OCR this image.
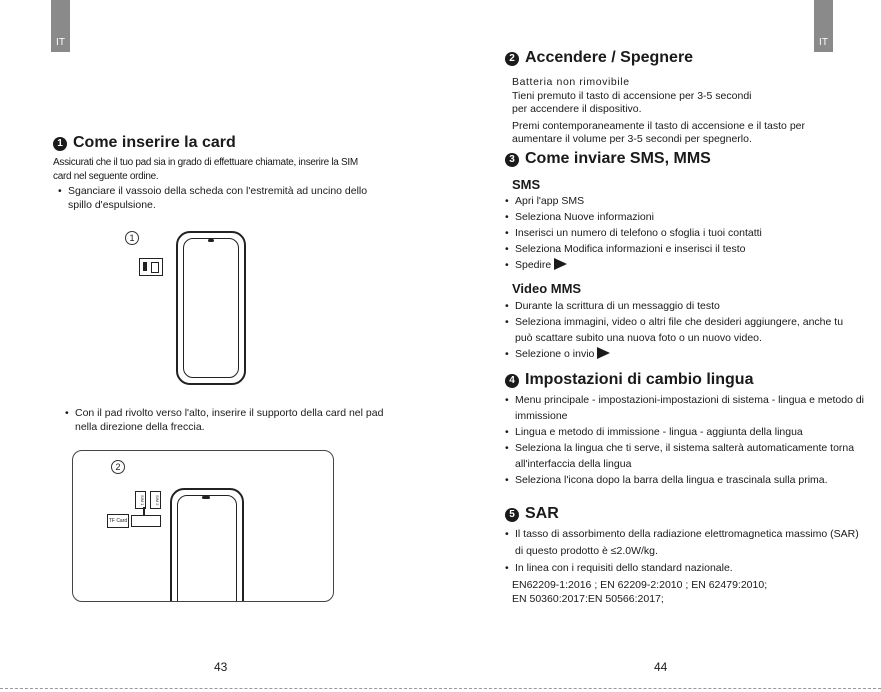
IT
1 Come inserire la card
Assicurati che il tuo pad sia in grado di effettuare chiamate, inserire la SIM card nel seguente ordine.
• Sganciare il vassoio della scheda con l'estremità ad uncino dello spillo d'espulsione.
1
• Con il pad rivolto verso l'alto, inserire il supporto della card nel pad nella direzione della freccia.
2
TF Card
SIM 1	SIM 2
43
IT
2 Accendere / Spegnere
Batteria non rimovibile
Tieni premuto il tasto di accensione per 3-5 secondi
per accendere il dispositivo.
Premi contemporaneamente il tasto di accensione e il tasto per
aumentare il volume per 3-5 secondi per spegnerlo.
3 Come inviare SMS, MMS
SMS
• Apri l'app SMS
• Seleziona Nuove informazioni
• Inserisci un numero di telefono o sfoglia i tuoi contatti
• Seleziona Modifica informazioni e inserisci il testo
• Spedire
Video MMS
• Durante la scrittura di un messaggio di testo
• Seleziona immagini, video o altri file che desideri aggiungere, anche tu può scattare subito una nuova foto o un nuovo video.
• Selezione o invio
4 Impostazioni di cambio lingua
• Menu principale - impostazioni-impostazioni di sistema - lingua e metodo di immissione
• Lingua e metodo di immissione - lingua - aggiunta della lingua
• Seleziona la lingua che ti serve, il sistema salterà automaticamente torna all'interfaccia della lingua
• Seleziona l'icona dopo la barra della lingua e trascinala sulla prima.
5 SAR
• Il tasso di assorbimento della radiazione elettromagnetica massimo (SAR) di questo prodotto è ≤2.0W/kg.
• In linea con i requisiti dello standard nazionale.
EN62209-1:2016 ; EN 62209-2:2010 ; EN 62479:2010;
EN 50360:2017:EN 50566:2017;
44
